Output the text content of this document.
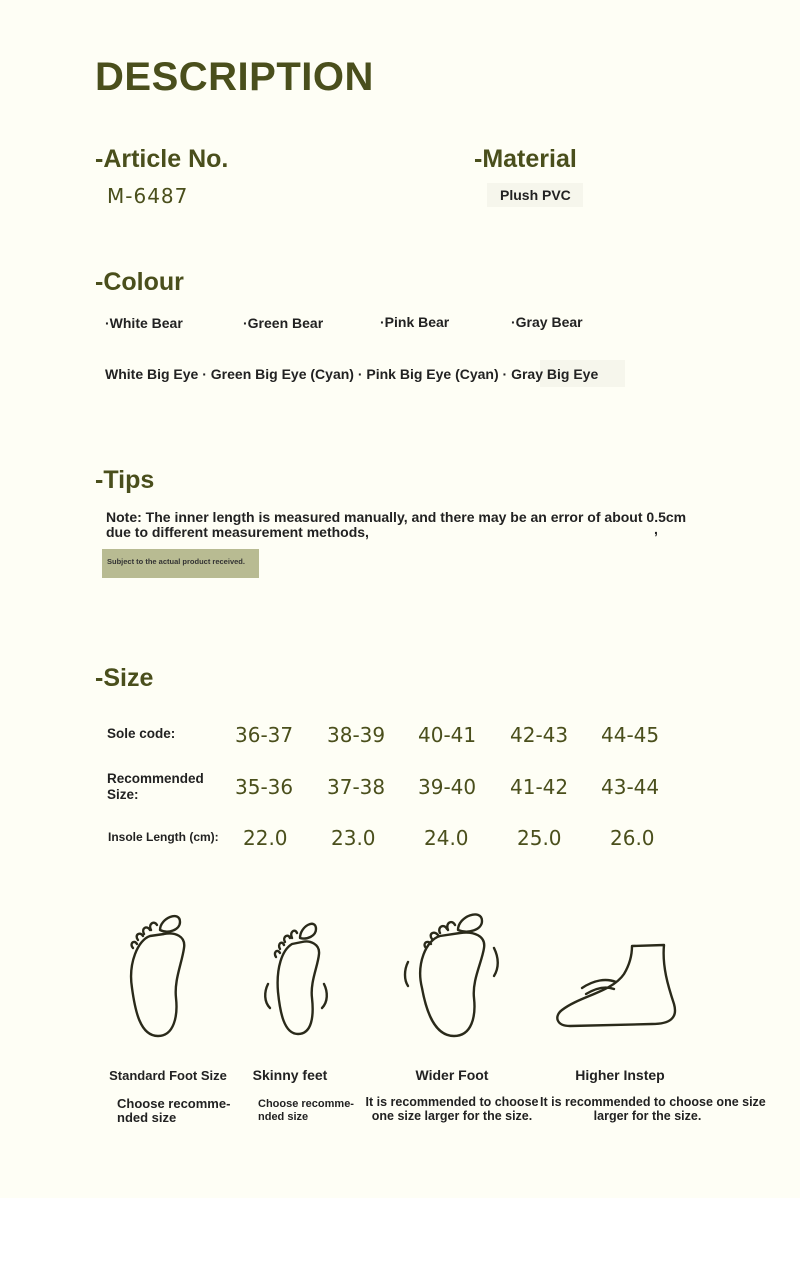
DESCRIPTION
-Article No.
M-6487
-Material
Plush PVC
-Colour
·White Bear	·Green Bear	·Pink Bear	·Gray Bear
White Big Eye · Green Big Eye (Cyan) · Pink Big Eye (Cyan) · Gray Big Eye
-Tips
Note: The inner length is measured manually, and there may be an error of about 0.5cm
due to different measurement methods,	,
Subject to the actual product received.
-Size
Sole code:	36-37 38-39 40-41 42-43 44-45
Recommended
Size:	35-36 37-38 39-40 41-42 43-44
Insole Length (cm): 22.0 23.0 24.0 25.0 26.0
Standard Foot Size
Choose recomme-
nded size
Skinny feet
Choose recomme-
nded size
Wider Foot
It is recommended to choose
one size larger for the size.
Higher Instep
It is recommended to choose one size
larger for the size.
